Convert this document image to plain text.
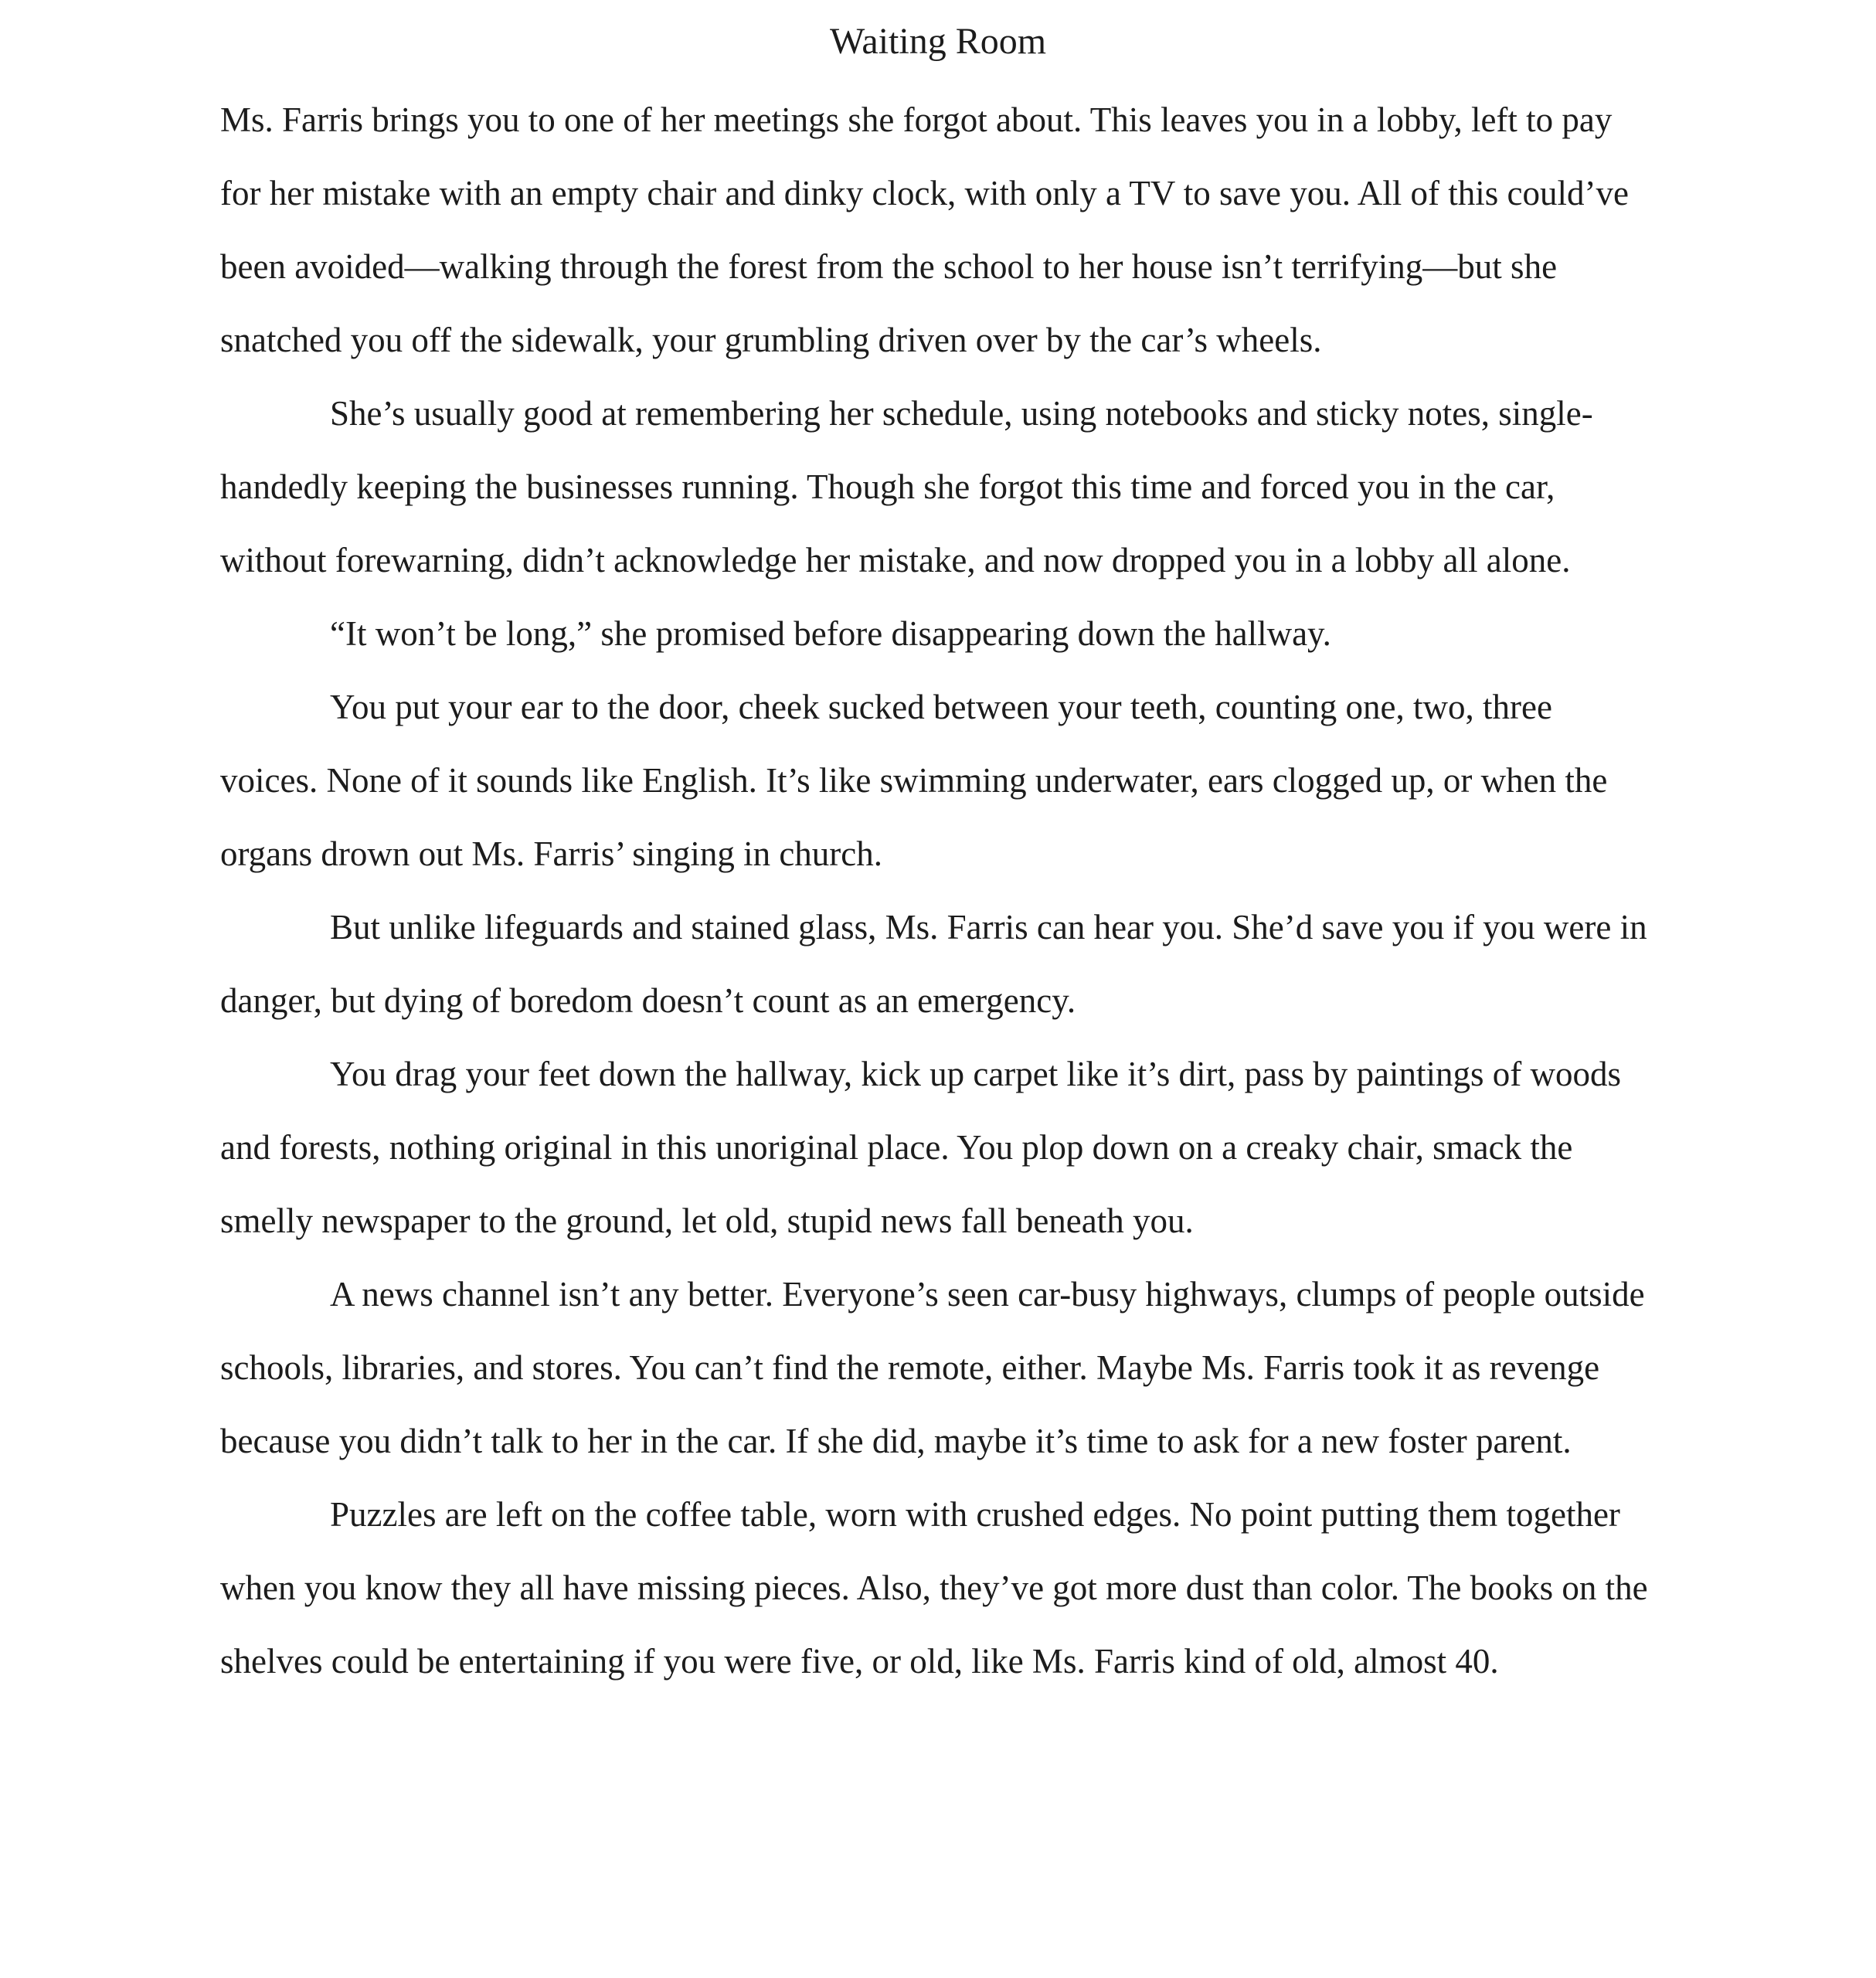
Waiting Room

Ms. Farris brings you to one of her meetings she forgot about. This leaves you in a lobby, left to pay for her mistake with an empty chair and dinky clock, with only a TV to save you. All of this could’ve been avoided—walking through the forest from the school to her house isn’t terrifying—but she snatched you off the sidewalk, your grumbling driven over by the car’s wheels.

She’s usually good at remembering her schedule, using notebooks and sticky notes, single-handedly keeping the businesses running. Though she forgot this time and forced you in the car, without forewarning, didn’t acknowledge her mistake, and now dropped you in a lobby all alone.

“It won’t be long,” she promised before disappearing down the hallway.

You put your ear to the door, cheek sucked between your teeth, counting one, two, three voices. None of it sounds like English. It’s like swimming underwater, ears clogged up, or when the organs drown out Ms. Farris’ singing in church.

But unlike lifeguards and stained glass, Ms. Farris can hear you. She’d save you if you were in danger, but dying of boredom doesn’t count as an emergency.

You drag your feet down the hallway, kick up carpet like it’s dirt, pass by paintings of woods and forests, nothing original in this unoriginal place. You plop down on a creaky chair, smack the smelly newspaper to the ground, let old, stupid news fall beneath you.

A news channel isn’t any better. Everyone’s seen car-busy highways, clumps of people outside schools, libraries, and stores. You can’t find the remote, either. Maybe Ms. Farris took it as revenge because you didn’t talk to her in the car. If she did, maybe it’s time to ask for a new foster parent.

Puzzles are left on the coffee table, worn with crushed edges. No point putting them together when you know they all have missing pieces. Also, they’ve got more dust than color. The books on the shelves could be entertaining if you were five, or old, like Ms. Farris kind of old, almost 40.
